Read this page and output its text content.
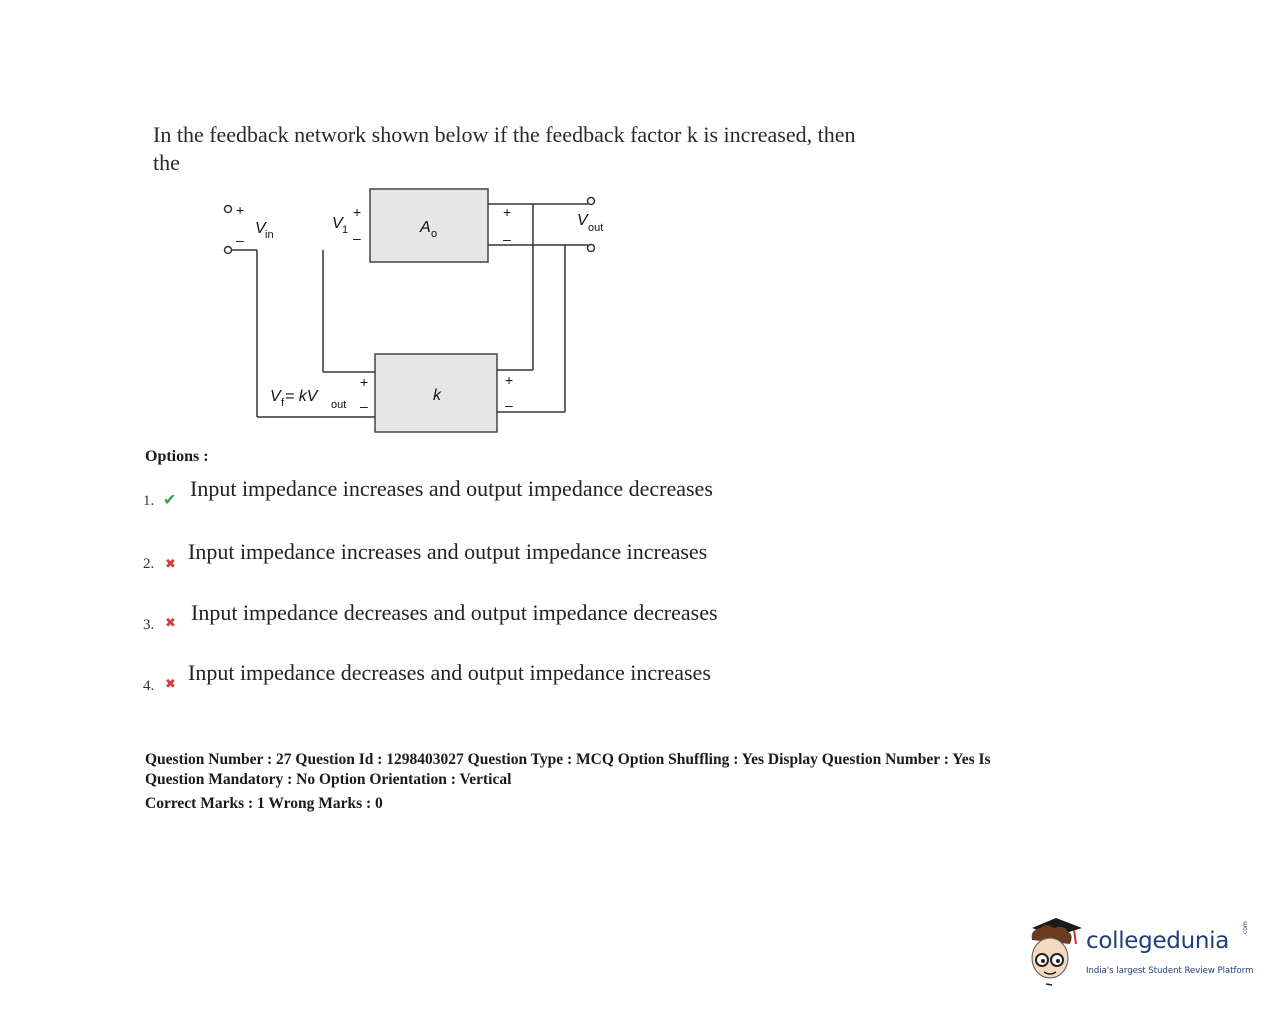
In the feedback network shown below if the feedback factor k is increased, then
the
+
–
V in
V 1
+
–
A o
+
–
V out
V f = kV out
+
–
k
+
–
Options :
1. ✔ Input impedance increases and output impedance decreases
2. ✖ Input impedance increases and output impedance increases
3. ✖ Input impedance decreases and output impedance decreases
4. ✖ Input impedance decreases and output impedance increases
Question Number : 27 Question Id : 1298403027 Question Type : MCQ Option Shuffling : Yes Display Question Number : Yes Is
Question Mandatory : No Option Orientation : Vertical
Correct Marks : 1 Wrong Marks : 0
collegedunia .com
India's largest Student Review Platform
